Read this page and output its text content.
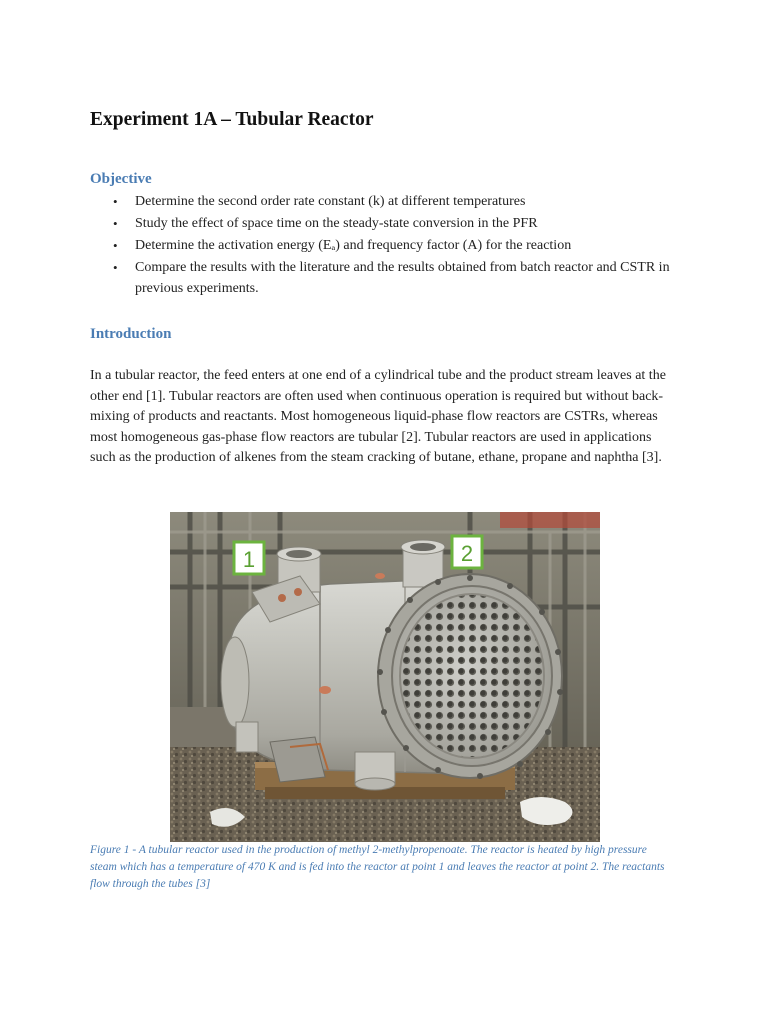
Experiment 1A – Tubular Reactor
Objective
• Determine the second order rate constant (k) at different temperatures
• Study the effect of space time on the steady-state conversion in the PFR
• Determine the activation energy (Eₐ) and frequency factor (A) for the reaction
• Compare the results with the literature and the results obtained from batch reactor and CSTR in previous experiments.
Introduction

In a tubular reactor, the feed enters at one end of a cylindrical tube and the product stream leaves at the other end [1]. Tubular reactors are often used when continuous operation is required but without back-mixing of products and reactants. Most homogeneous liquid-phase flow reactors are CSTRs, whereas most homogeneous gas-phase flow reactors are tubular [2]. Tubular reactors are used in applications such as the production of alkenes from the steam cracking of butane, ethane, propane and naphtha [3].

1	2

Figure 1 - A tubular reactor used in the production of methyl 2-methylpropenoate. The reactor is heated by high pressure steam which has a temperature of 470 K and is fed into the reactor at point 1 and leaves the reactor at point 2. The reactants flow through the tubes [3]
